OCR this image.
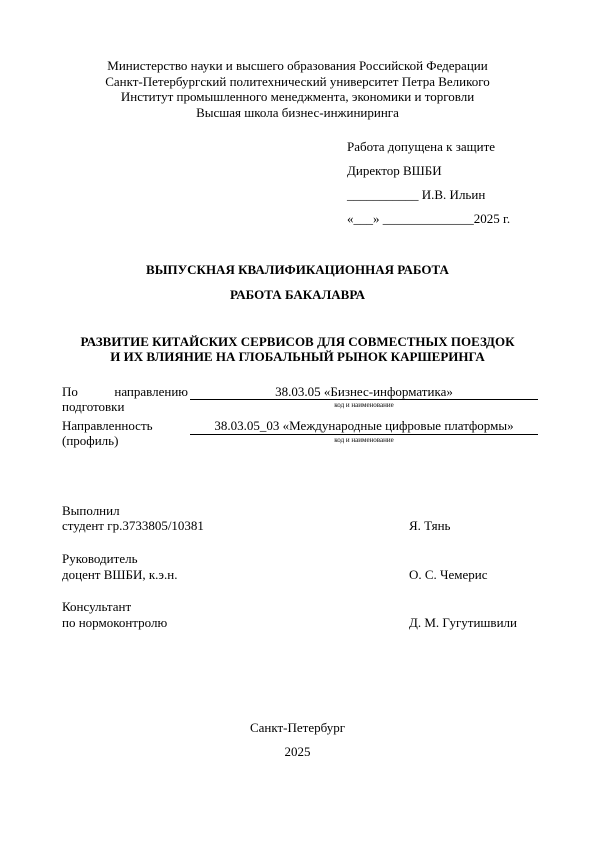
Министерство науки и высшего образования Российской Федерации
Санкт-Петербургский политехнический университет Петра Великого
Институт промышленного менеджмента, экономики и торговли
Высшая школа бизнес-инжиниринга
Работа допущена к защите
Директор ВШБИ
___________ И.В. Ильин
«___» ______________2025 г.
ВЫПУСКНАЯ КВАЛИФИКАЦИОННАЯ РАБОТА
РАБОТА БАКАЛАВРА
РАЗВИТИЕ КИТАЙСКИХ СЕРВИСОВ ДЛЯ СОВМЕСТНЫХ ПОЕЗДОК
И ИХ ВЛИЯНИЕ НА ГЛОБАЛЬНЫЙ РЫНОК КАРШЕРИНГА
По	направлению
подготовки
38.03.05 «Бизнес-информатика»
код и наименование
Направленность
(профиль)
38.03.05_03 «Международные цифровые платформы»
код и наименование
Выполнил
студент гр.3733805/10381	Я. Тянь
Руководитель
доцент ВШБИ, к.э.н.	О. С. Чемерис
Консультант
по нормоконтролю	Д. М. Гугутишвили
Санкт-Петербург
2025
